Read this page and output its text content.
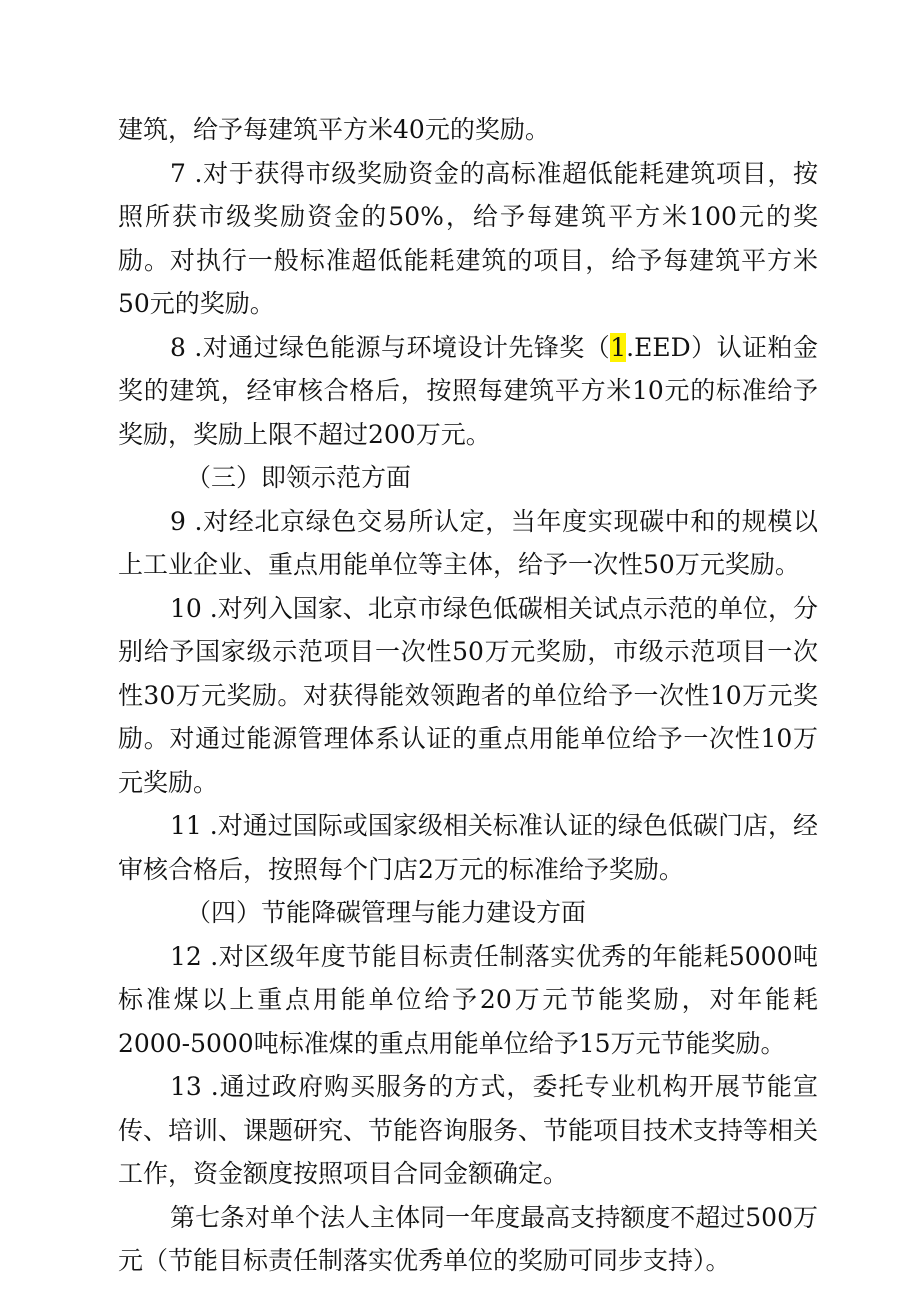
建筑，给予每建筑平方米40元的奖励。

7 .对于获得市级奖励资金的高标准超低能耗建筑项目，按照所获市级奖励资金的50%，给予每建筑平方米100元的奖励。对执行一般标准超低能耗建筑的项目，给予每建筑平方米50元的奖励。

8 .对通过绿色能源与环境设计先锋奖（1.EED）认证粕金奖的建筑，经审核合格后，按照每建筑平方米10元的标准给予奖励，奖励上限不超过200万元。

（三）即领示范方面

9 .对经北京绿色交易所认定，当年度实现碳中和的规模以上工业企业、重点用能单位等主体，给予一次性50万元奖励。

10 .对列入国家、北京市绿色低碳相关试点示范的单位，分别给予国家级示范项目一次性50万元奖励，市级示范项目一次性30万元奖励。对获得能效领跑者的单位给予一次性10万元奖励。对通过能源管理体系认证的重点用能单位给予一次性10万元奖励。

11 .对通过国际或国家级相关标准认证的绿色低碳门店，经审核合格后，按照每个门店2万元的标准给予奖励。

（四）节能降碳管理与能力建设方面

12 .对区级年度节能目标责任制落实优秀的年能耗5000吨标准煤以上重点用能单位给予20万元节能奖励，对年能耗2000-5000吨标准煤的重点用能单位给予15万元节能奖励。

13 .通过政府购买服务的方式，委托专业机构开展节能宣传、培训、课题研究、节能咨询服务、节能项目技术支持等相关工作，资金额度按照项目合同金额确定。

第七条对单个法人主体同一年度最高支持额度不超过500万元（节能目标责任制落实优秀单位的奖励可同步支持）。
